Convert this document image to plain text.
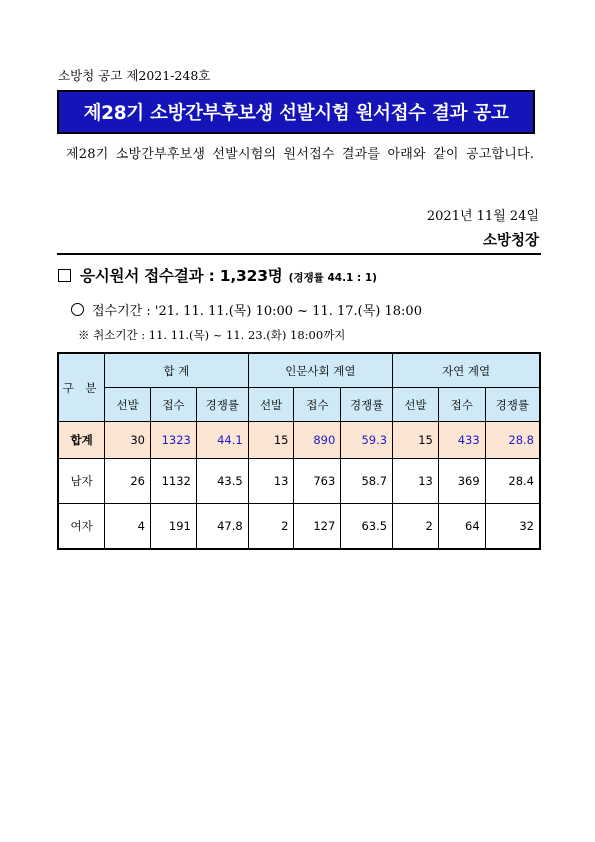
소방청 공고 제2021-248호
제28기 소방간부후보생 선발시험 원서접수 결과 공고
제28기 소방간부후보생 선발시험의 원서접수 결과를 아래와 같이 공고합니다.
2021년 11월 24일
소방청장
응시원서 접수결과 : 1,323명 (경쟁률 44.1 : 1)
접수기간 : '21. 11. 11.(목) 10:00 ~ 11. 17.(목) 18:00
※ 취소기간 : 11. 11.(목) ~ 11. 23.(화) 18:00까지
구 분	합 계			인문사회 계열			자연 계열		
	선발	접수	경쟁률	선발	접수	경쟁률	선발	접수	경쟁률
합계	30	1323	44.1	15	890	59.3	15	433	28.8
남자	26	1132	43.5	13	763	58.7	13	369	28.4
여자	4	191	47.8	2	127	63.5	2	64	32
